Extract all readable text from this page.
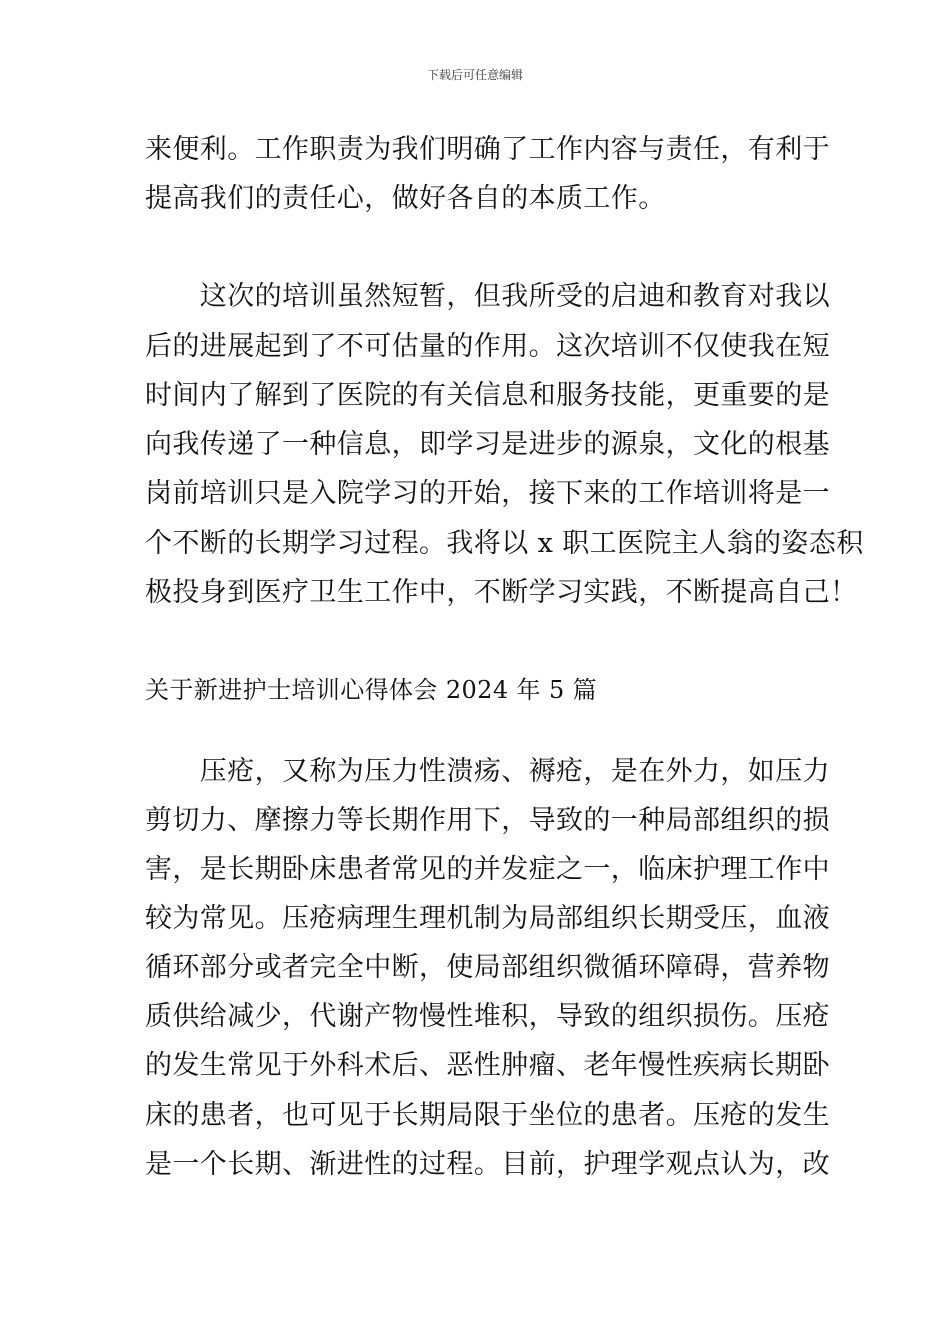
下载后可任意编辑
来便利。工作职责为我们明确了工作内容与责任，有利于
提高我们的责任心，做好各自的本质工作。
　　这次的培训虽然短暂，但我所受的启迪和教育对我以
后的进展起到了不可估量的作用。这次培训不仅使我在短
时间内了解到了医院的有关信息和服务技能，更重要的是
向我传递了一种信息，即学习是进步的源泉，文化的根基
岗前培训只是入院学习的开始，接下来的工作培训将是一
个不断的长期学习过程。我将以 x 职工医院主人翁的姿态积
极投身到医疗卫生工作中，不断学习实践，不断提高自己！
关于新进护士培训心得体会 2024 年 5 篇
　　压疮，又称为压力性溃疡、褥疮，是在外力，如压力
剪切力、摩擦力等长期作用下，导致的一种局部组织的损
害，是长期卧床患者常见的并发症之一，临床护理工作中
较为常见。压疮病理生理机制为局部组织长期受压，血液
循环部分或者完全中断，使局部组织微循环障碍，营养物
质供给减少，代谢产物慢性堆积，导致的组织损伤。压疮
的发生常见于外科术后、恶性肿瘤、老年慢性疾病长期卧
床的患者，也可见于长期局限于坐位的患者。压疮的发生
是一个长期、渐进性的过程。目前，护理学观点认为，改
